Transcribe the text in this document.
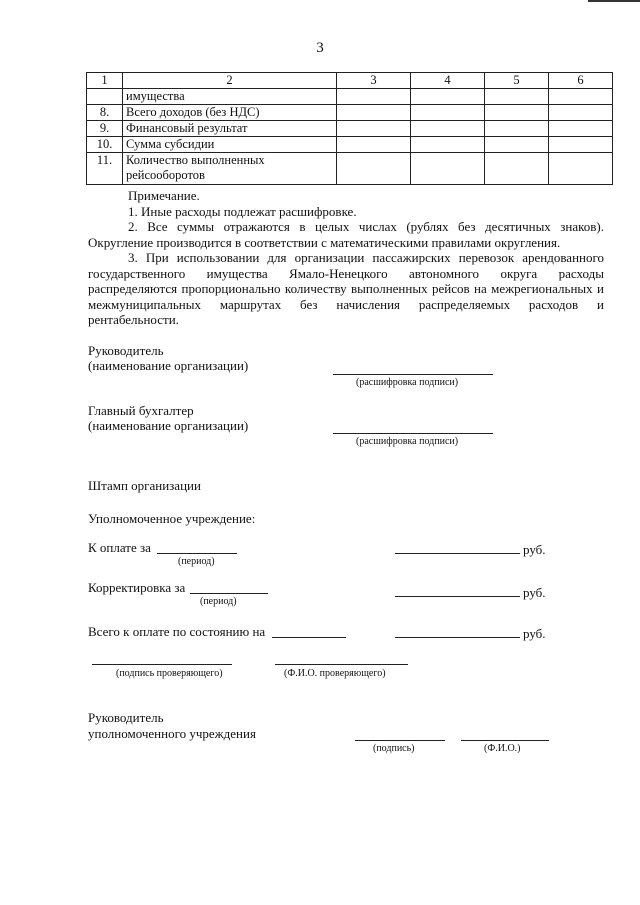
3
1	2	3	4	5	6
	имущества				
8.	Всего доходов (без НДС)				
9.	Финансовый результат				
10.	Сумма субсидии				
11.	Количество выполненных
рейсооборотов				

Примечание.

1. Иные расходы подлежат расшифровке.

2. Все суммы отражаются в целых числах (рублях без десятичных знаков). Округление производится в соответствии с математическими правилами округления.

3. При использовании для организации пассажирских перевозок арендованного государственного имущества Ямало-Ненецкого автономного округа расходы распределяются пропорционально количеству выполненных рейсов на межрегиональных и межмуниципальных маршрутах без начисления распределяемых расходов и рентабельности.

Руководитель
(наименование организации)
(расшифровка подписи)
Главный бухгалтер
(наименование организации)
(расшифровка подписи)
Штамп организации
Уполномоченное учреждение:
К оплате за
(период)
руб.
Корректировка за
(период)
руб.
Всего к оплате по состоянию на	руб.
(подпись проверяющего)	(Ф.И.О. проверяющего)
Руководитель
уполномоченного учреждения
(подпись)	(Ф.И.О.)
